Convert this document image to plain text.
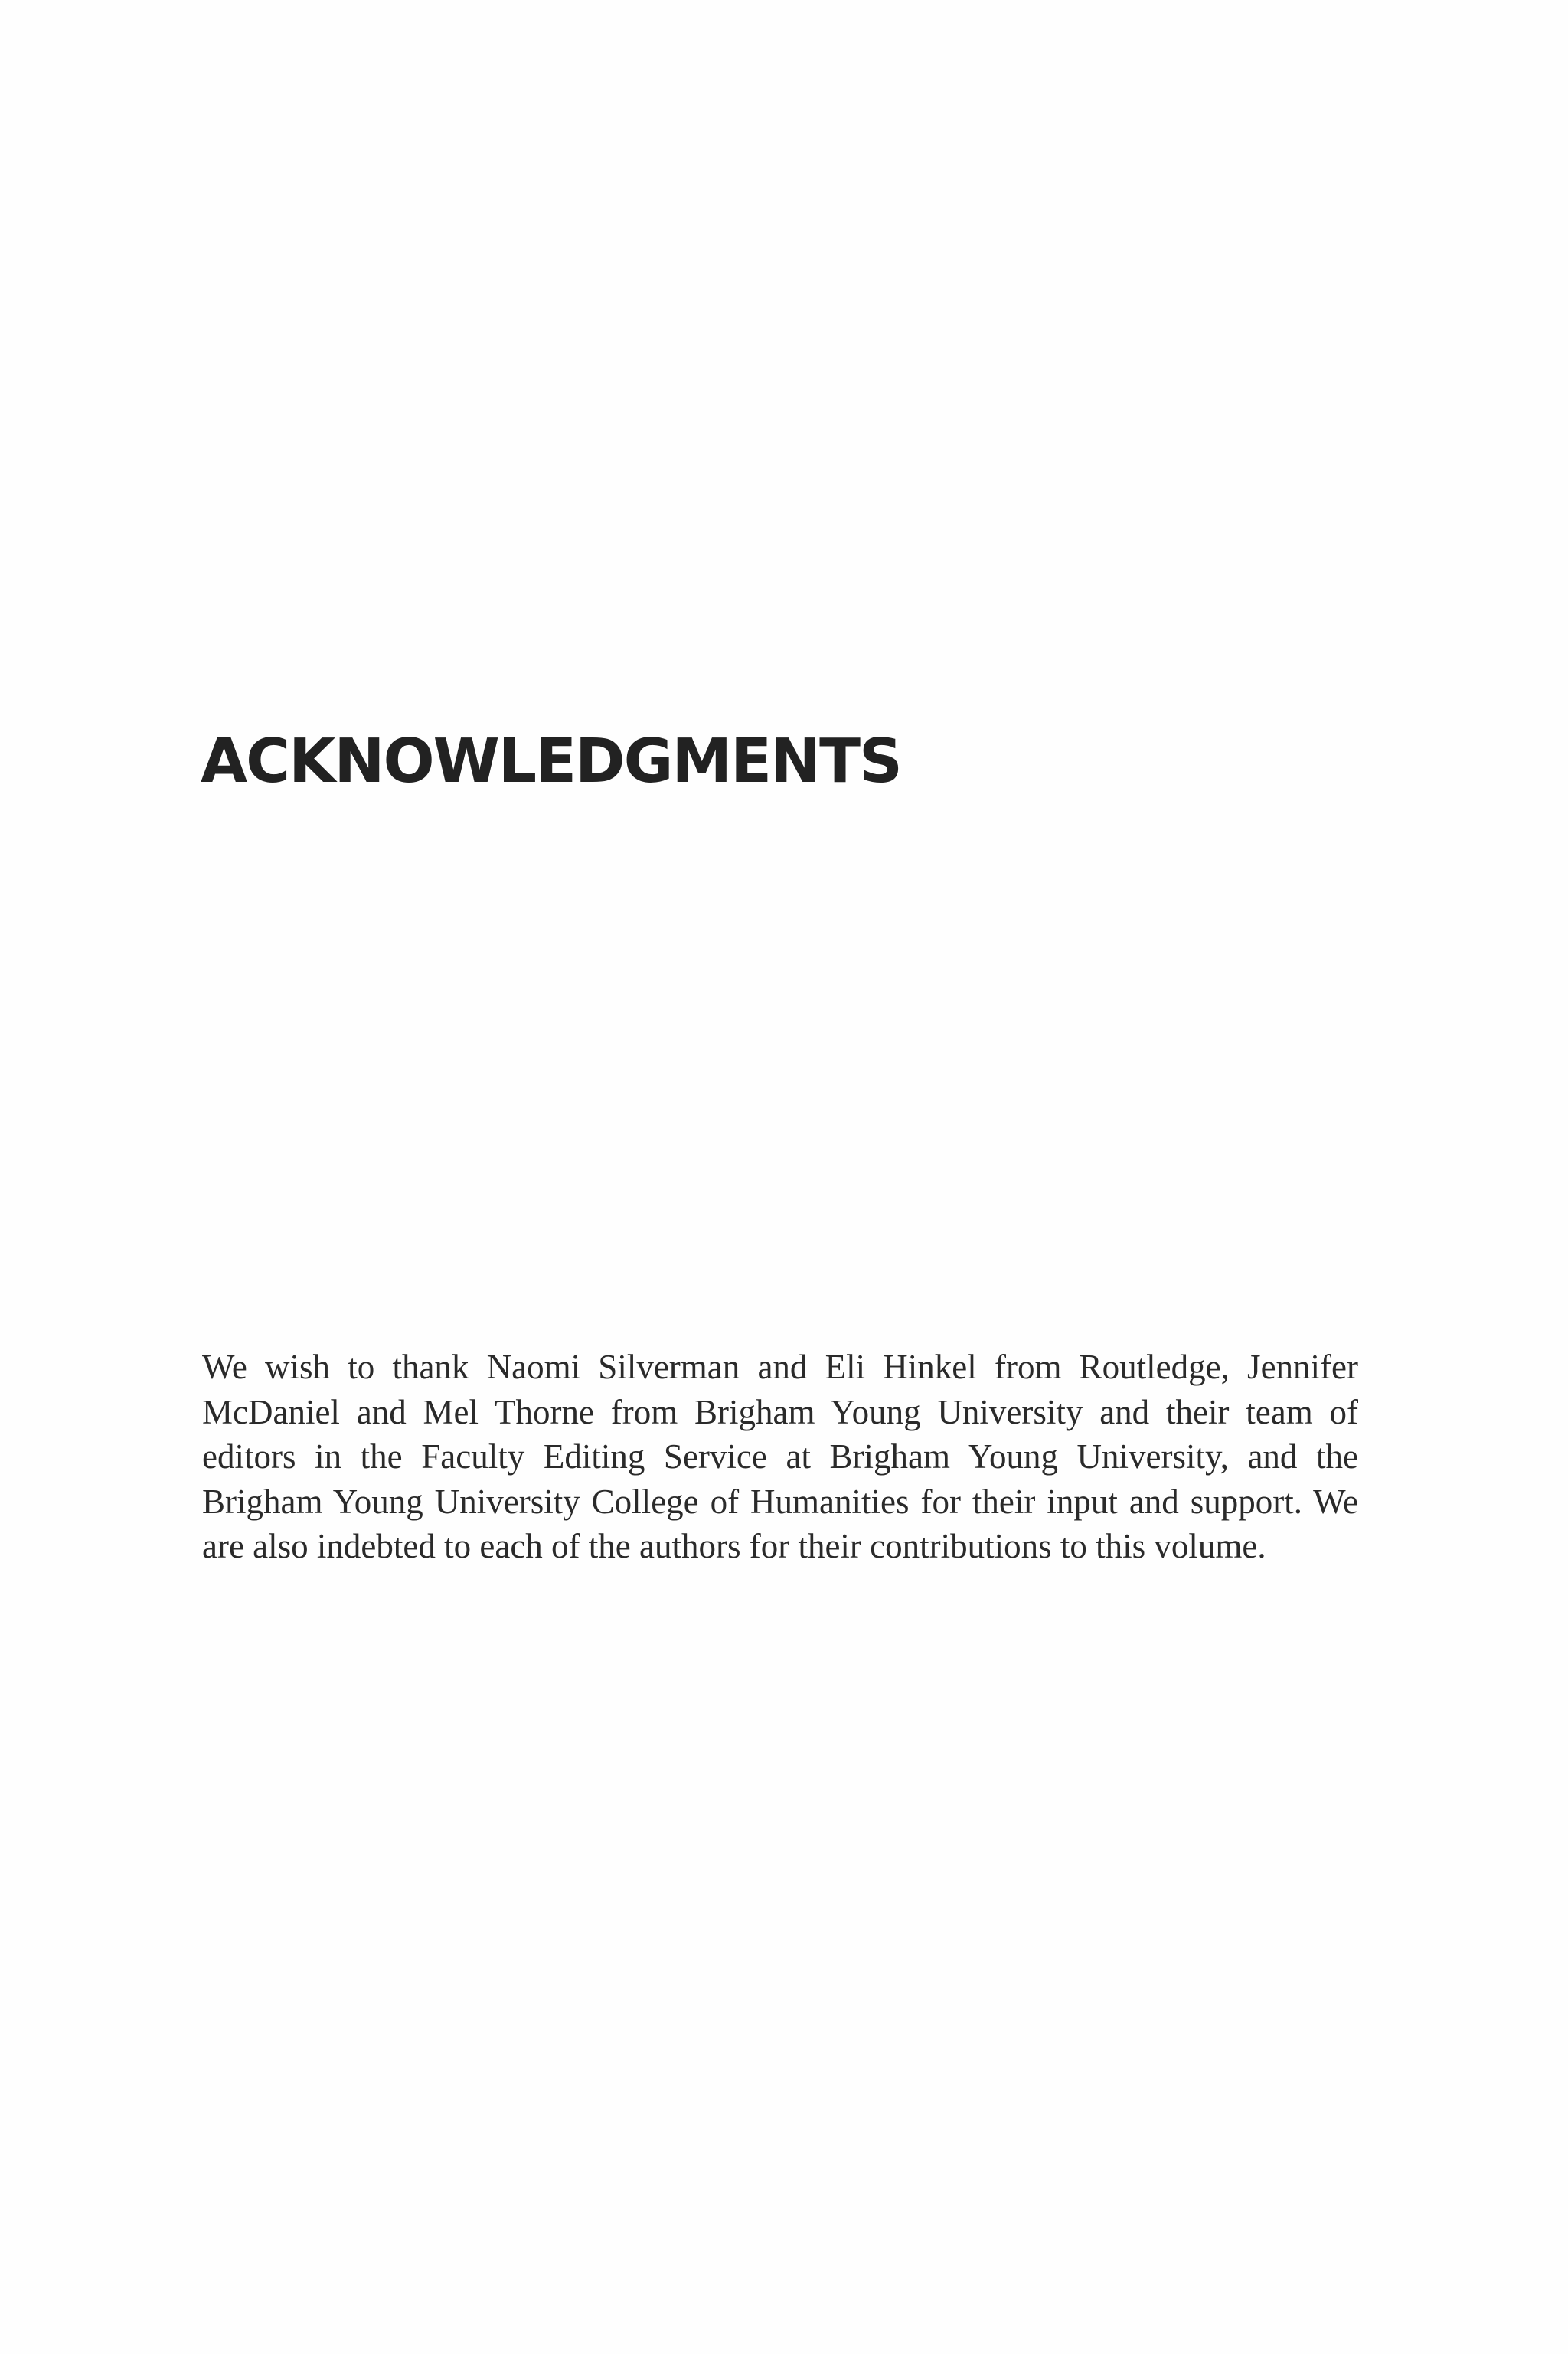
ACKNOWLEDGMENTS

We wish to thank Naomi Silverman and Eli Hinkel from Routledge, Jennifer McDaniel and Mel Thorne from Brigham Young University and their team of editors in the Faculty Editing Service at Brigham Young University, and the Brigham Young University College of Humanities for their input and support. We are also indebted to each of the authors for their contributions to this volume.
